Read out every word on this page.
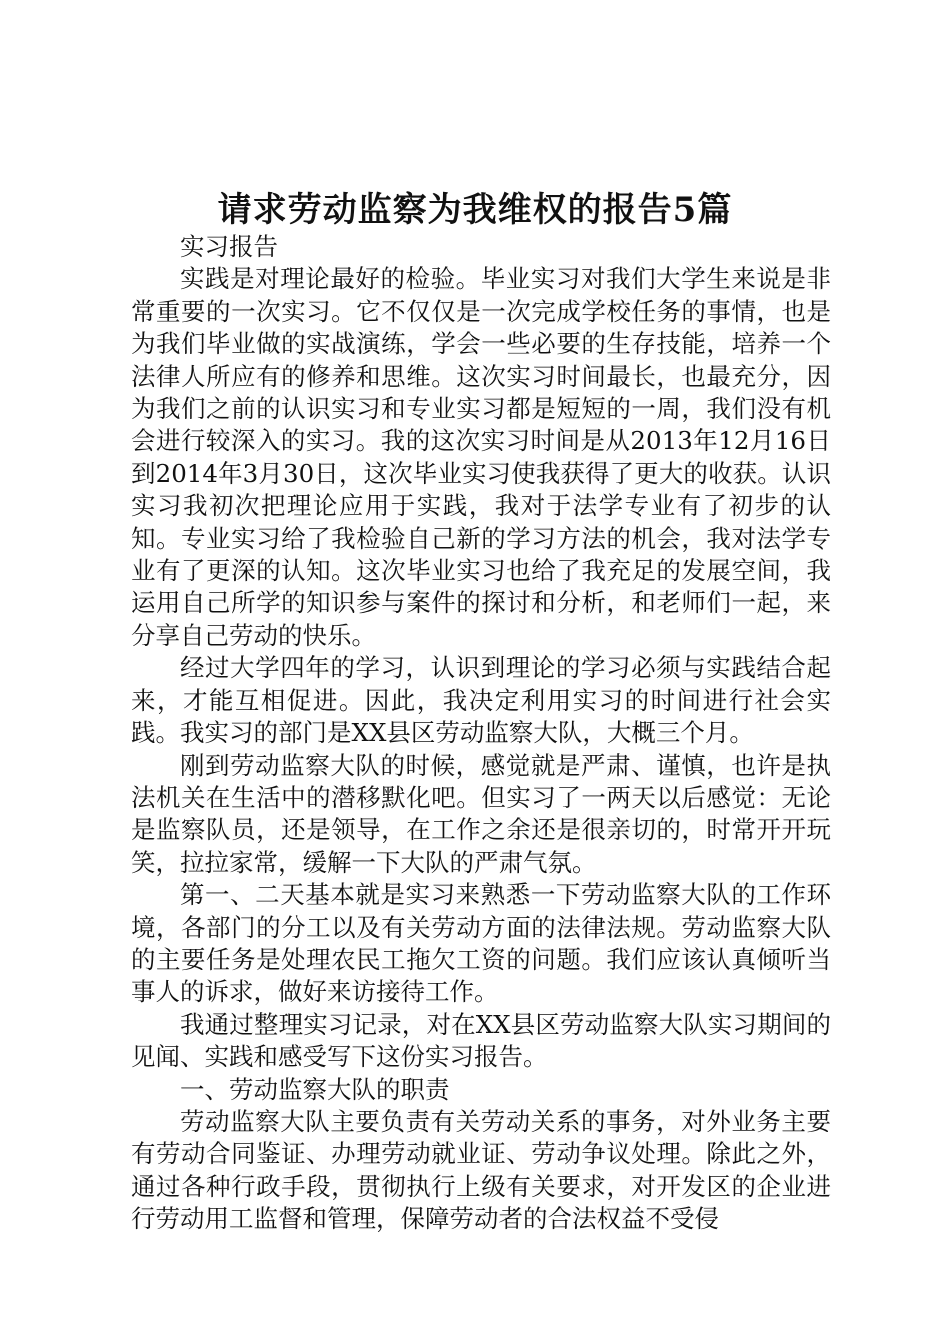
请求劳动监察为我维权的报告5篇

实习报告

实践是对理论最好的检验。毕业实习对我们大学生来说是非常重要的一次实习。它不仅仅是一次完成学校任务的事情，也是为我们毕业做的实战演练，学会一些必要的生存技能，培养一个法律人所应有的修养和思维。这次实习时间最长，也最充分，因为我们之前的认识实习和专业实习都是短短的一周，我们没有机会进行较深入的实习。我的这次实习时间是从2013年12月16日到2014年3月30日，这次毕业实习使我获得了更大的收获。认识实习我初次把理论应用于实践，我对于法学专业有了初步的认知。专业实习给了我检验自己新的学习方法的机会，我对法学专业有了更深的认知。这次毕业实习也给了我充足的发展空间，我运用自己所学的知识参与案件的探讨和分析，和老师们一起，来分享自己劳动的快乐。

经过大学四年的学习，认识到理论的学习必须与实践结合起来，才能互相促进。因此，我决定利用实习的时间进行社会实践。我实习的部门是XX县区劳动监察大队，大概三个月。

刚到劳动监察大队的时候，感觉就是严肃、谨慎，也许是执法机关在生活中的潜移默化吧。但实习了一两天以后感觉：无论是监察队员，还是领导，在工作之余还是很亲切的，时常开开玩笑，拉拉家常，缓解一下大队的严肃气氛。

第一、二天基本就是实习来熟悉一下劳动监察大队的工作环境，各部门的分工以及有关劳动方面的法律法规。劳动监察大队的主要任务是处理农民工拖欠工资的问题。我们应该认真倾听当事人的诉求，做好来访接待工作。

我通过整理实习记录，对在XX县区劳动监察大队实习期间的见闻、实践和感受写下这份实习报告。

一、劳动监察大队的职责

劳动监察大队主要负责有关劳动关系的事务，对外业务主要有劳动合同鉴证、办理劳动就业证、劳动争议处理。除此之外，通过各种行政手段，贯彻执行上级有关要求，对开发区的企业进行劳动用工监督和管理，保障劳动者的合法权益不受侵
